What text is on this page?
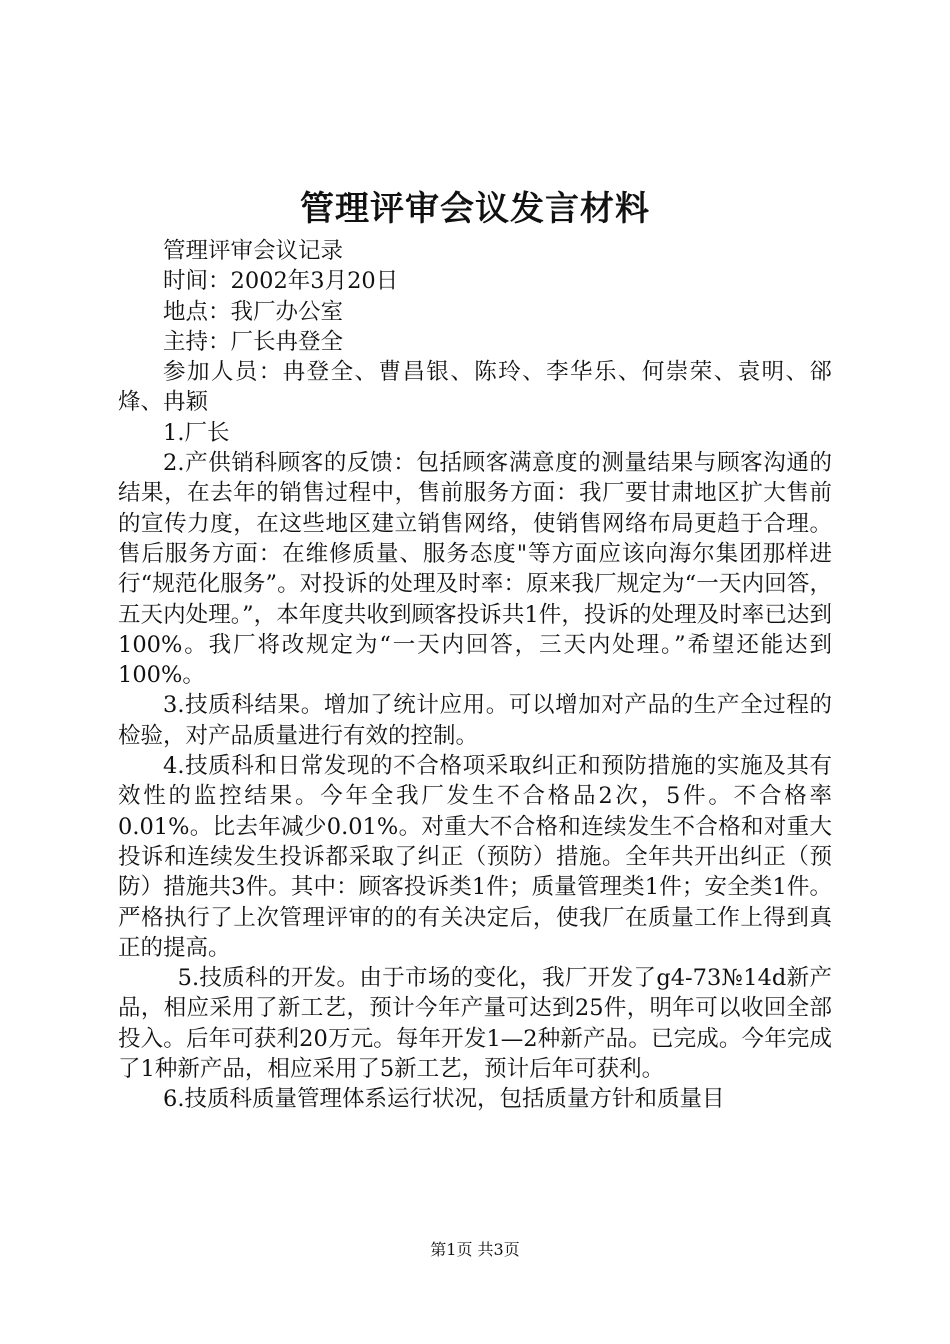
管理评审会议发言材料

管理评审会议记录

时间：2002年3月20日

地点：我厂办公室

主持：厂长冉登全

参加人员：冉登全、曹昌银、陈玲、李华乐、何崇荣、袁明、郤烽、冉颖

1.厂长

2.产供销科顾客的反馈：包括顾客满意度的测量结果与顾客沟通的结果，在去年的销售过程中，售前服务方面：我厂要甘肃地区扩大售前的宣传力度，在这些地区建立销售网络，使销售网络布局更趋于合理。售后服务方面：在维修质量、服务态度"等方面应该向海尔集团那样进行“规范化服务”。对投诉的处理及时率：原来我厂规定为“一天内回答，五天内处理。”，本年度共收到顾客投诉共1件，投诉的处理及时率已达到100%。我厂将改规定为“一天内回答，三天内处理。”希望还能达到100%。

3.技质科结果。增加了统计应用。可以增加对产品的生产全过程的检验，对产品质量进行有效的控制。

4.技质科和日常发现的不合格项采取纠正和预防措施的实施及其有效性的监控结果。今年全我厂发生不合格品2次，5件。不合格率0.01%。比去年减少0.01%。对重大不合格和连续发生不合格和对重大投诉和连续发生投诉都采取了纠正（预防）措施。全年共开出纠正（预防）措施共3件。其中：顾客投诉类1件；质量管理类1件；安全类1件。严格执行了上次管理评审的的有关决定后，使我厂在质量工作上得到真正的提高。

5.技质科的开发。由于市场的变化，我厂开发了g4-73№14d新产品，相应采用了新工艺，预计今年产量可达到25件，明年可以收回全部投入。后年可获利20万元。每年开发1—2种新产品。已完成。今年完成了1种新产品，相应采用了5新工艺，预计后年可获利。

6.技质科质量管理体系运行状况，包括质量方针和质量目

第1页 共3页
